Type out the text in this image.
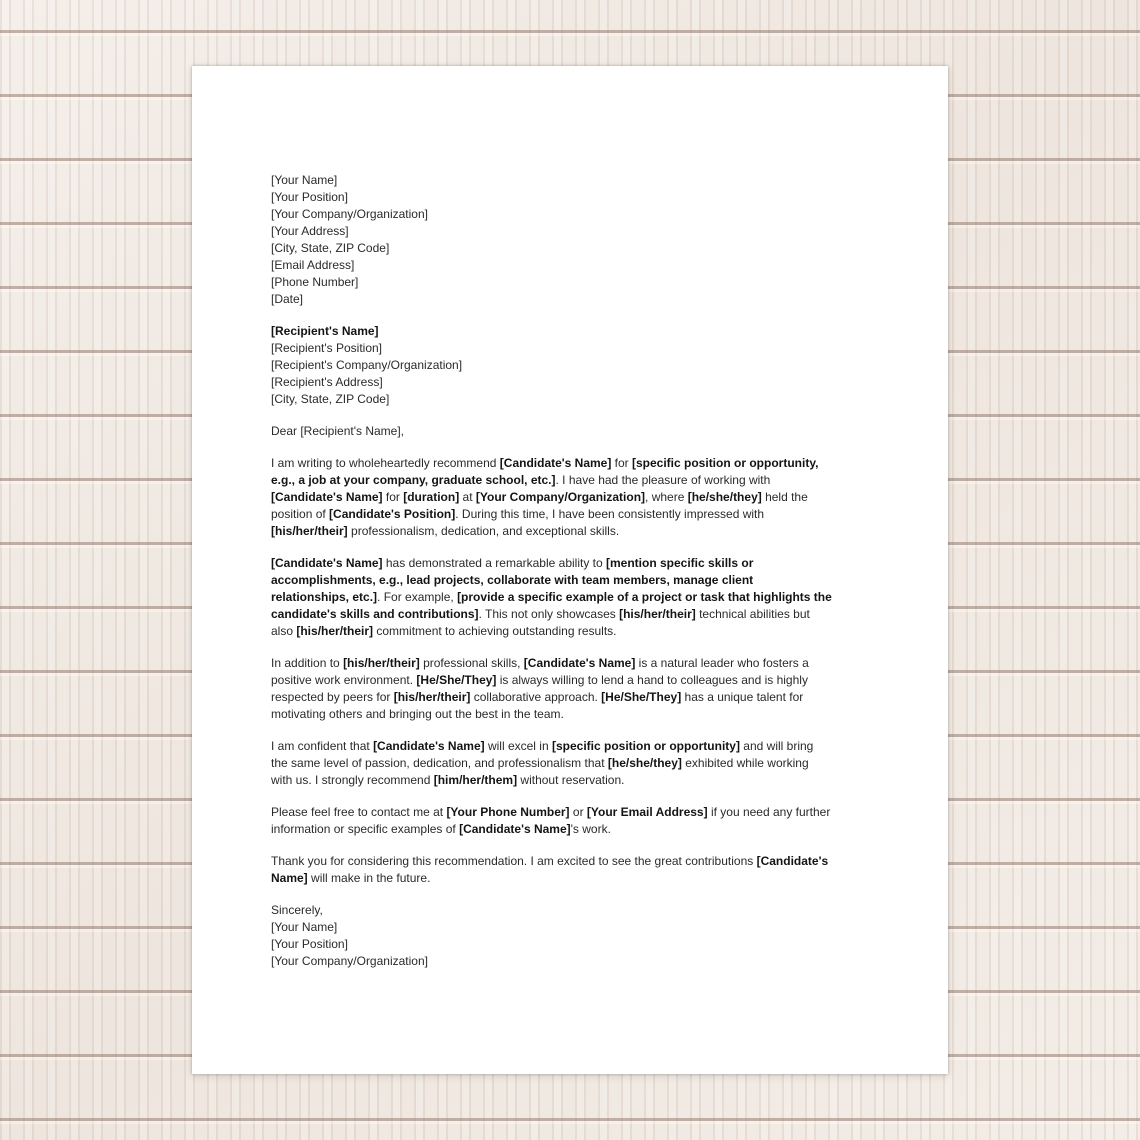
[Your Name]
[Your Position]
[Your Company/Organization]
[Your Address]
[City, State, ZIP Code]
[Email Address]
[Phone Number]
[Date]
[Recipient's Name]
[Recipient's Position]
[Recipient's Company/Organization]
[Recipient's Address]
[City, State, ZIP Code]

Dear [Recipient's Name],

I am writing to wholeheartedly recommend [Candidate's Name] for [specific position or opportunity,
e.g., a job at your company, graduate school, etc.]. I have had the pleasure of working with
[Candidate's Name] for [duration] at [Your Company/Organization], where [he/she/they] held the
position of [Candidate's Position]. During this time, I have been consistently impressed with
[his/her/their] professionalism, dedication, and exceptional skills.

[Candidate's Name] has demonstrated a remarkable ability to [mention specific skills or
accomplishments, e.g., lead projects, collaborate with team members, manage client
relationships, etc.]. For example, [provide a specific example of a project or task that highlights the
candidate's skills and contributions]. This not only showcases [his/her/their] technical abilities but
also [his/her/their] commitment to achieving outstanding results.

In addition to [his/her/their] professional skills, [Candidate's Name] is a natural leader who fosters a
positive work environment. [He/She/They] is always willing to lend a hand to colleagues and is highly
respected by peers for [his/her/their] collaborative approach. [He/She/They] has a unique talent for
motivating others and bringing out the best in the team.

I am confident that [Candidate's Name] will excel in [specific position or opportunity] and will bring
the same level of passion, dedication, and professionalism that [he/she/they] exhibited while working
with us. I strongly recommend [him/her/them] without reservation.

Please feel free to contact me at [Your Phone Number] or [Your Email Address] if you need any further
information or specific examples of [Candidate's Name]'s work.

Thank you for considering this recommendation. I am excited to see the great contributions [Candidate's
Name] will make in the future.

Sincerely,
[Your Name]
[Your Position]
[Your Company/Organization]
